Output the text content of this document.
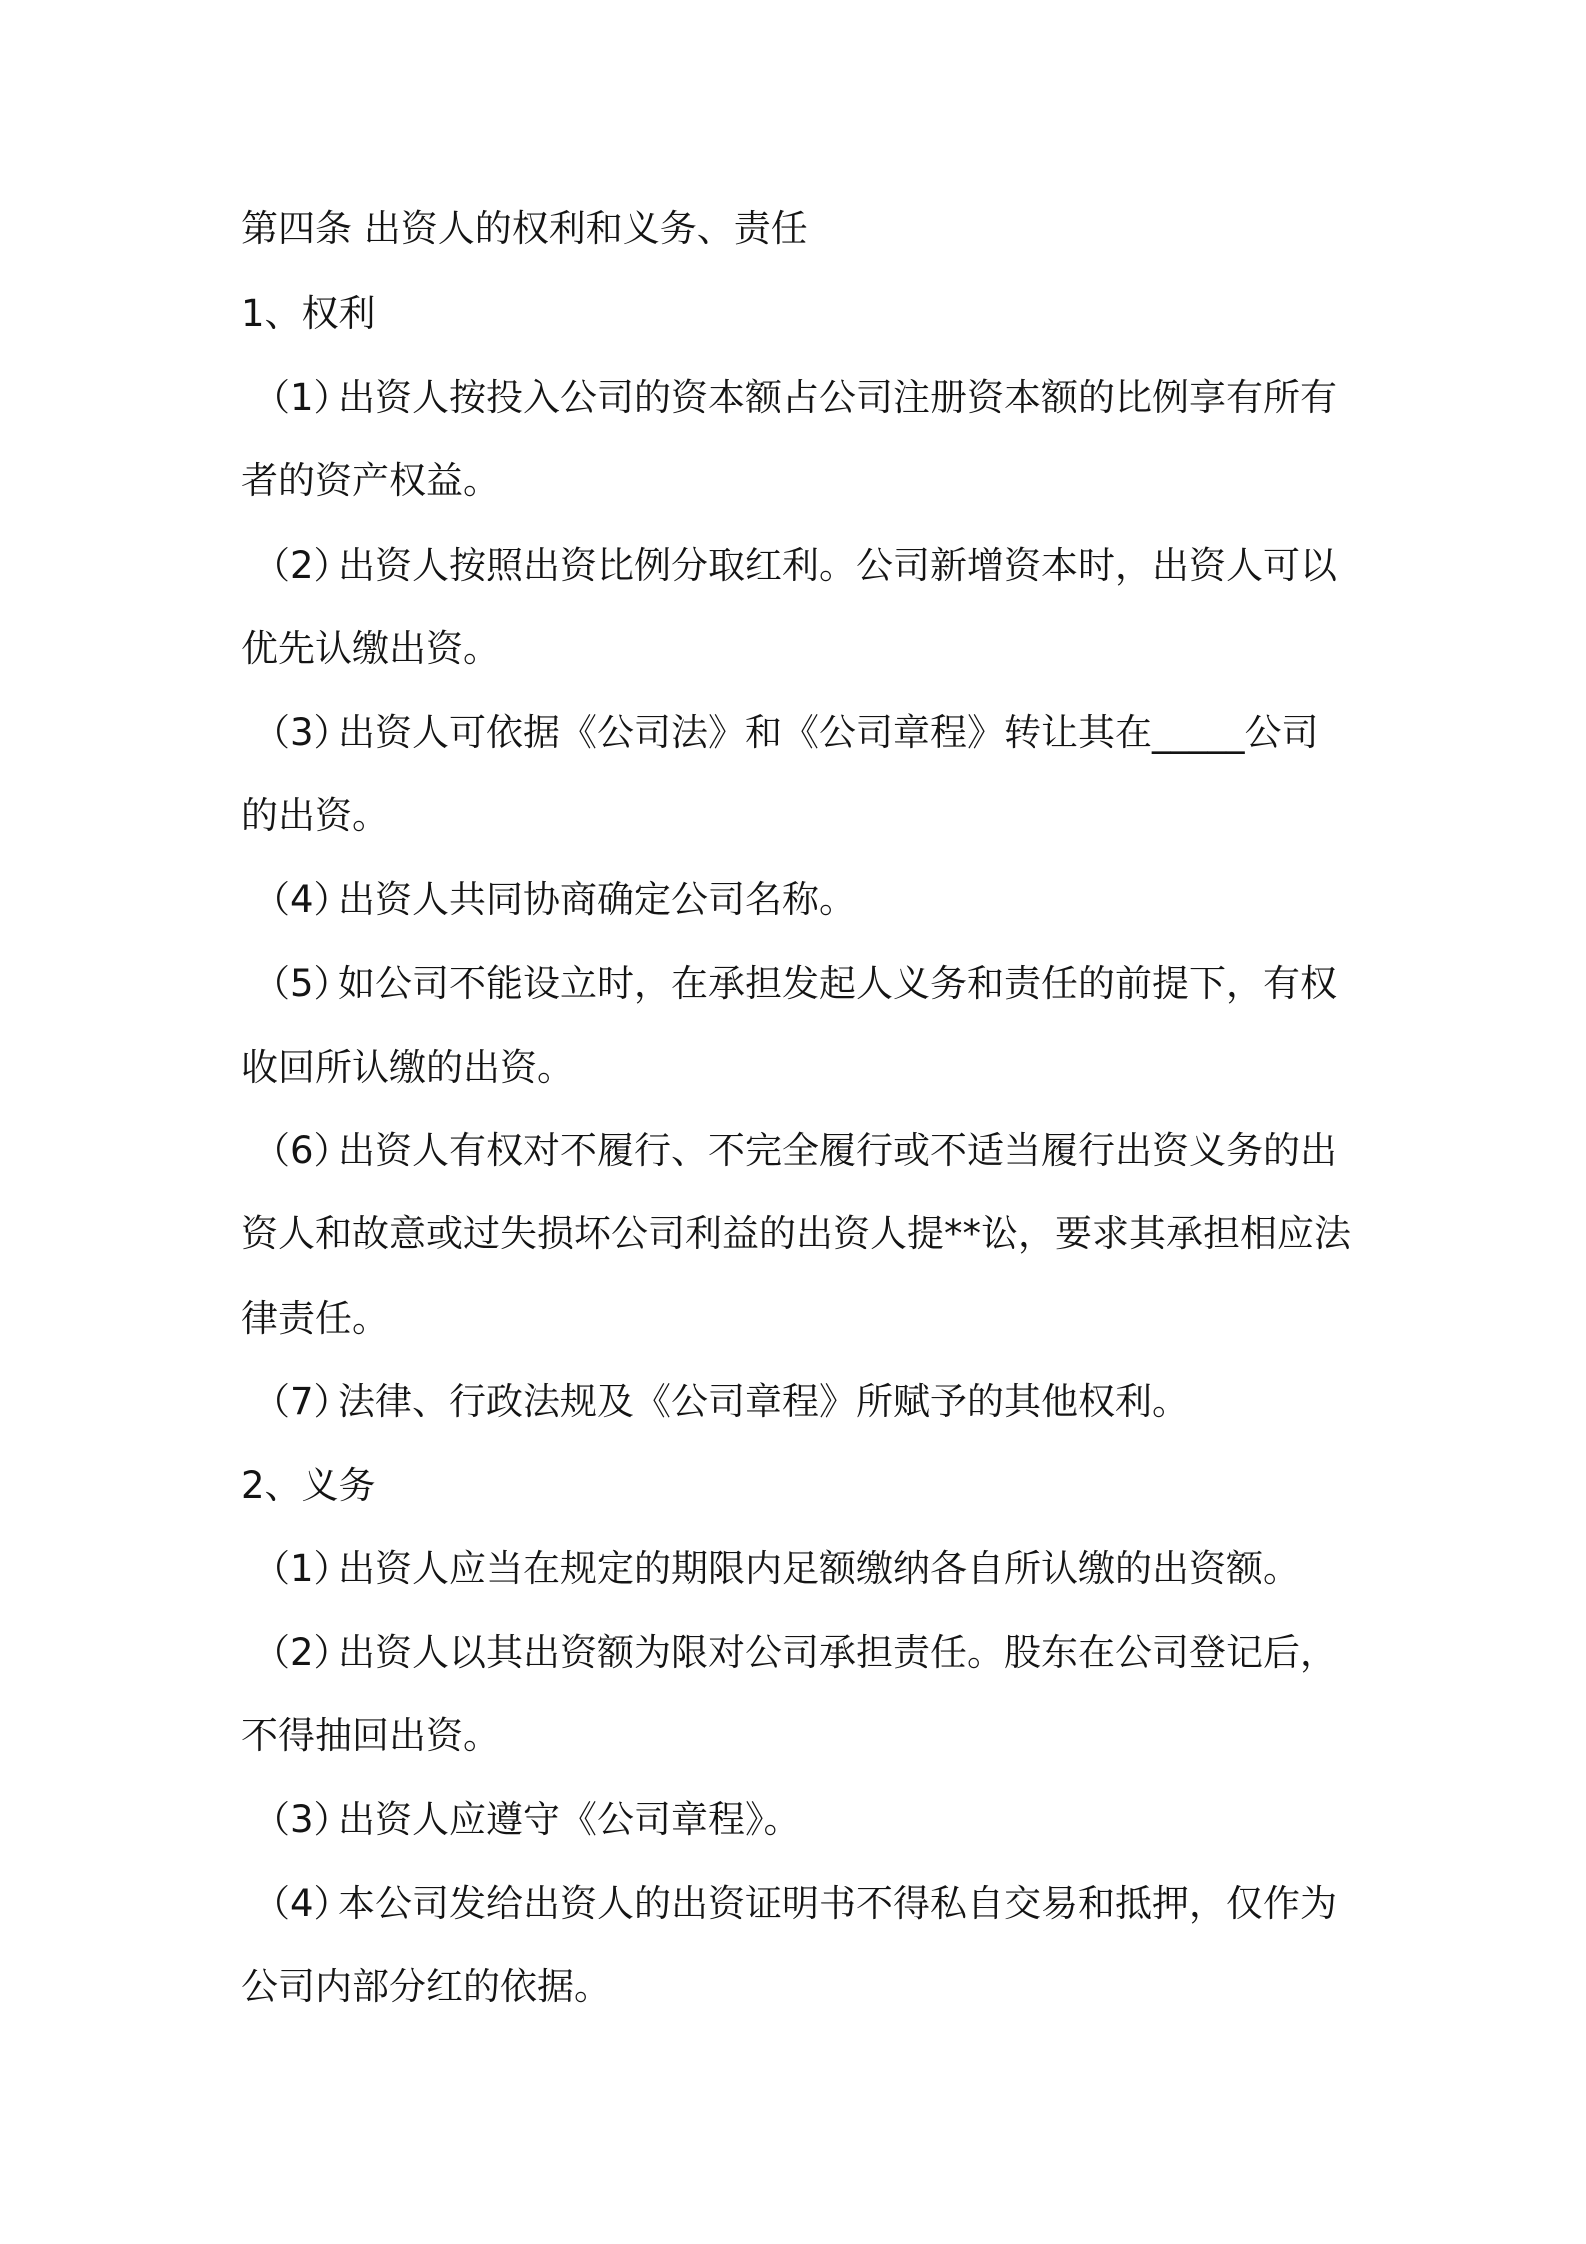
第四条 出资人的权利和义务、责任

1、权利

（1）
出资人按投入公司的资本额占公司注册资本额的比例享有所有

者的资产权益。

（2）
出资人按照出资比例分取红利。公司新增资本时，出资人可以

优先认缴出资。

（3）
出资人可依据《公司法》和《公司章程》转让其在_____公司

的出资。

（4）
出资人共同协商确定公司名称。

（5）
如公司不能设立时，在承担发起人义务和责任的前提下，有权

收回所认缴的出资。

（6）
出资人有权对不履行、不完全履行或不适当履行出资义务的出

资人和故意或过失损坏公司利益的出资人提**讼，要求其承担相应法

律责任。

（7）
法律、行政法规及《公司章程》所赋予的其他权利。

2、义务

（1）
出资人应当在规定的期限内足额缴纳各自所认缴的出资额。

（2）
出资人以其出资额为限对公司承担责任。股东在公司登记后，

不得抽回出资。

（3）
出资人应遵守《公司章程》。

（4）
本公司发给出资人的出资证明书不得私自交易和抵押，仅作为

公司内部分红的依据。
